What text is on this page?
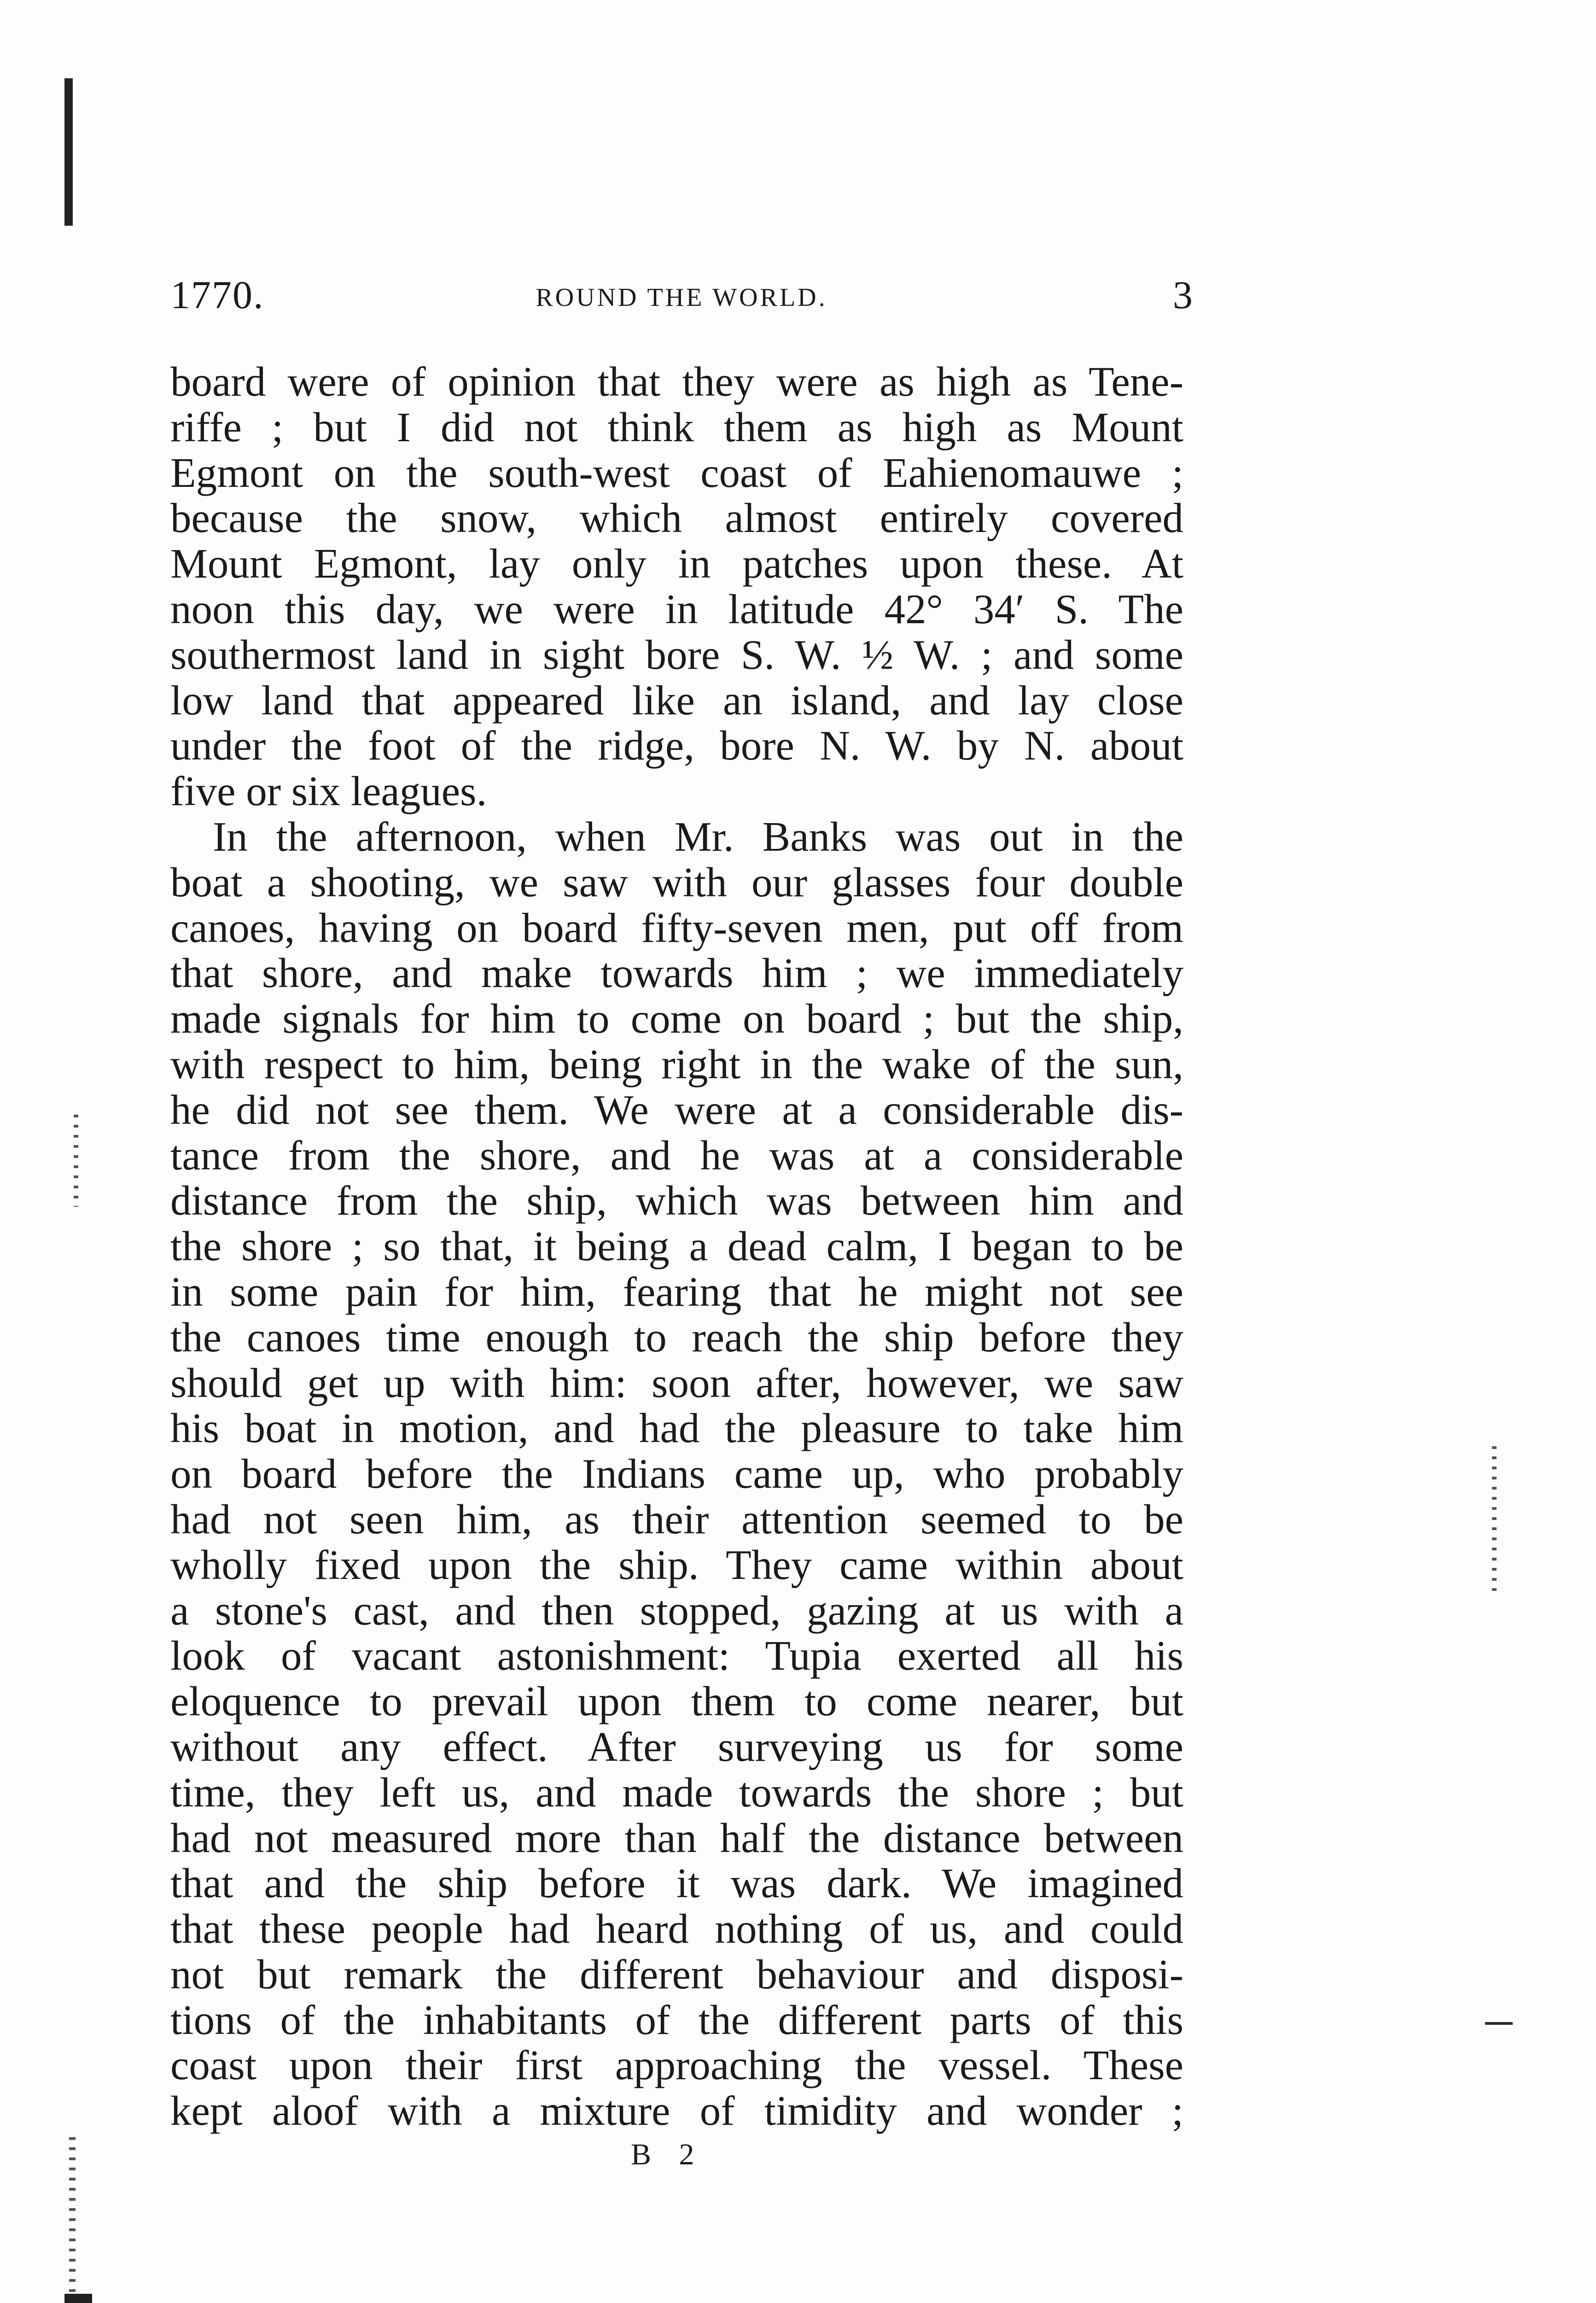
1770.	ROUND THE WORLD.	3
board were of opinion that they were as high as Tene-
riffe ; but I did not think them as high as Mount
Egmont on the south-west coast of Eahienomauwe ;
because the snow, which almost entirely covered
Mount Egmont, lay only in patches upon these. At
noon this day, we were in latitude 42° 34′ S. The
southermost land in sight bore S. W. ½ W. ; and some
low land that appeared like an island, and lay close
under the foot of the ridge, bore N. W. by N. about
five or six leagues.
In the afternoon, when Mr. Banks was out in the
boat a shooting, we saw with our glasses four double
canoes, having on board fifty-seven men, put off from
that shore, and make towards him ; we immediately
made signals for him to come on board ; but the ship,
with respect to him, being right in the wake of the sun,
he did not see them. We were at a considerable dis-
tance from the shore, and he was at a considerable
distance from the ship, which was between him and
the shore ; so that, it being a dead calm, I began to be
in some pain for him, fearing that he might not see
the canoes time enough to reach the ship before they
should get up with him: soon after, however, we saw
his boat in motion, and had the pleasure to take him
on board before the Indians came up, who probably
had not seen him, as their attention seemed to be
wholly fixed upon the ship. They came within about
a stone's cast, and then stopped, gazing at us with a
look of vacant astonishment: Tupia exerted all his
eloquence to prevail upon them to come nearer, but
without any effect. After surveying us for some
time, they left us, and made towards the shore ; but
had not measured more than half the distance between
that and the ship before it was dark. We imagined
that these people had heard nothing of us, and could
not but remark the different behaviour and disposi-
tions of the inhabitants of the different parts of this
coast upon their first approaching the vessel. These
kept aloof with a mixture of timidity and wonder ;
B 2
